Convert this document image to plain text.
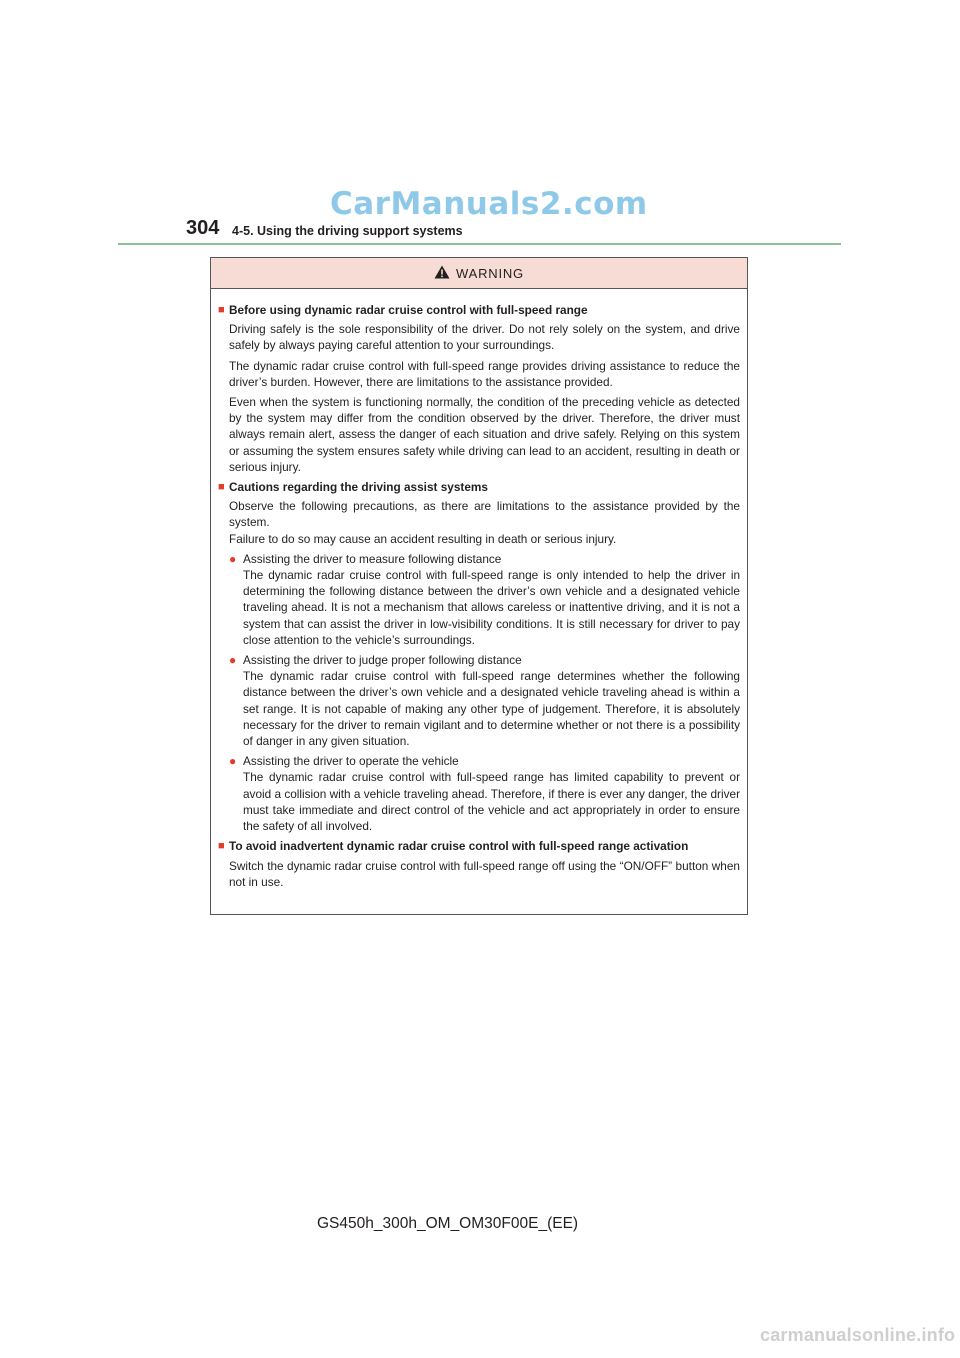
CarManuals2.com
304 4-5. Using the driving support systems
WARNING
■ Before using dynamic radar cruise control with full-speed range

Driving safely is the sole responsibility of the driver. Do not rely solely on the system, and drive safely by always paying careful attention to your surroundings.

The dynamic radar cruise control with full-speed range provides driving assistance to reduce the driver’s burden. However, there are limitations to the assistance provided.

Even when the system is functioning normally, the condition of the preceding vehicle as detected by the system may differ from the condition observed by the driver. Therefore, the driver must always remain alert, assess the danger of each situation and drive safely. Relying on this system or assuming the system ensures safety while driving can lead to an accident, resulting in death or serious injury.

■ Cautions regarding the driving assist systems

Observe the following precautions, as there are limitations to the assistance provided by the system.

Failure to do so may cause an accident resulting in death or serious injury.

● Assisting the driver to measure following distance
The dynamic radar cruise control with full-speed range is only intended to help the driver in determining the following distance between the driver’s own vehicle and a designated vehicle traveling ahead. It is not a mechanism that allows careless or inattentive driving, and it is not a system that can assist the driver in low-visibility conditions. It is still necessary for driver to pay close attention to the vehicle’s surroundings.
● Assisting the driver to judge proper following distance
The dynamic radar cruise control with full-speed range determines whether the following distance between the driver’s own vehicle and a designated vehicle traveling ahead is within a set range. It is not capable of making any other type of judgement. Therefore, it is absolutely necessary for the driver to remain vigilant and to determine whether or not there is a possibility of danger in any given situation.
● Assisting the driver to operate the vehicle
The dynamic radar cruise control with full-speed range has limited capability to prevent or avoid a collision with a vehicle traveling ahead. Therefore, if there is ever any danger, the driver must take immediate and direct control of the vehicle and act appropriately in order to ensure the safety of all involved.
■ To avoid inadvertent dynamic radar cruise control with full-speed range activation

Switch the dynamic radar cruise control with full-speed range off using the “ON/OFF” button when not in use.

GS450h_300h_OM_OM30F00E_(EE)
carmanualsonline.info
